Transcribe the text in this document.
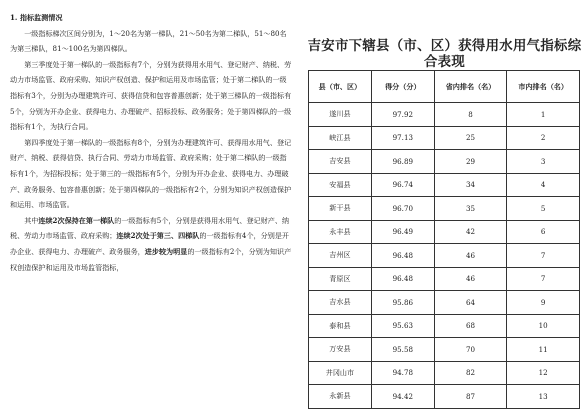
1. 指标监测情况

一级指标梯次区间分别为，1～20名为第一梯队，21～50名为第二梯队，51～80名为第三梯队，81～100名为第四梯队。

第三季度处于第一梯队的一级指标有7个，分别为获得用水用气、登记财产、纳税、劳动力市场监管、政府采购、知识产权创造、保护和运用及市场监管；处于第二梯队的一级指标有3个，分别为办理建筑许可、获得信贷和包容普惠创新；处于第三梯队的一级指标有5个，分别为开办企业、获得电力、办理破产、招标投标、政务服务；处于第四梯队的一级指标有1个，为执行合同。

第四季度处于第一梯队的一级指标有8个，分别为办理建筑许可、获得用水用气、登记财产、纳税、获得信贷、执行合同、劳动力市场监管、政府采购；处于第二梯队的一级指标有1个，为招标投标；处于第三的一级指标有5个，分别为开办企业、获得电力、办理破产、政务服务、包容普惠创新；处于第四梯队的一级指标有2个，分别为知识产权创造保护和运用、市场监管。

其中连续2次保持在第一梯队的一级指标有5个，分别是获得用水用气、登记财产、纳税、劳动力市场监管、政府采购；连续2次处于第三、四梯队的一级指标有4个，分别是开办企业、获得电力、办理破产、政务服务，进步较为明显的一级指标有2个，分别为知识产权创造保护和运用及市场监管指标，

吉安市下辖县（市、区）获得用水用气指标综合表现
县（市、区）	得分（分）	省内排名（名）	市内排名（名）
遂川县	97.92	8	1
峡江县	97.13	25	2
吉安县	96.89	29	3
安福县	96.74	34	4
新干县	96.70	35	5
永丰县	96.49	42	6
吉州区	96.48	46	7
青原区	96.48	46	7
吉水县	95.86	64	9
泰和县	95.63	68	10
万安县	95.58	70	11
井冈山市	94.78	82	12
永新县	94.42	87	13
